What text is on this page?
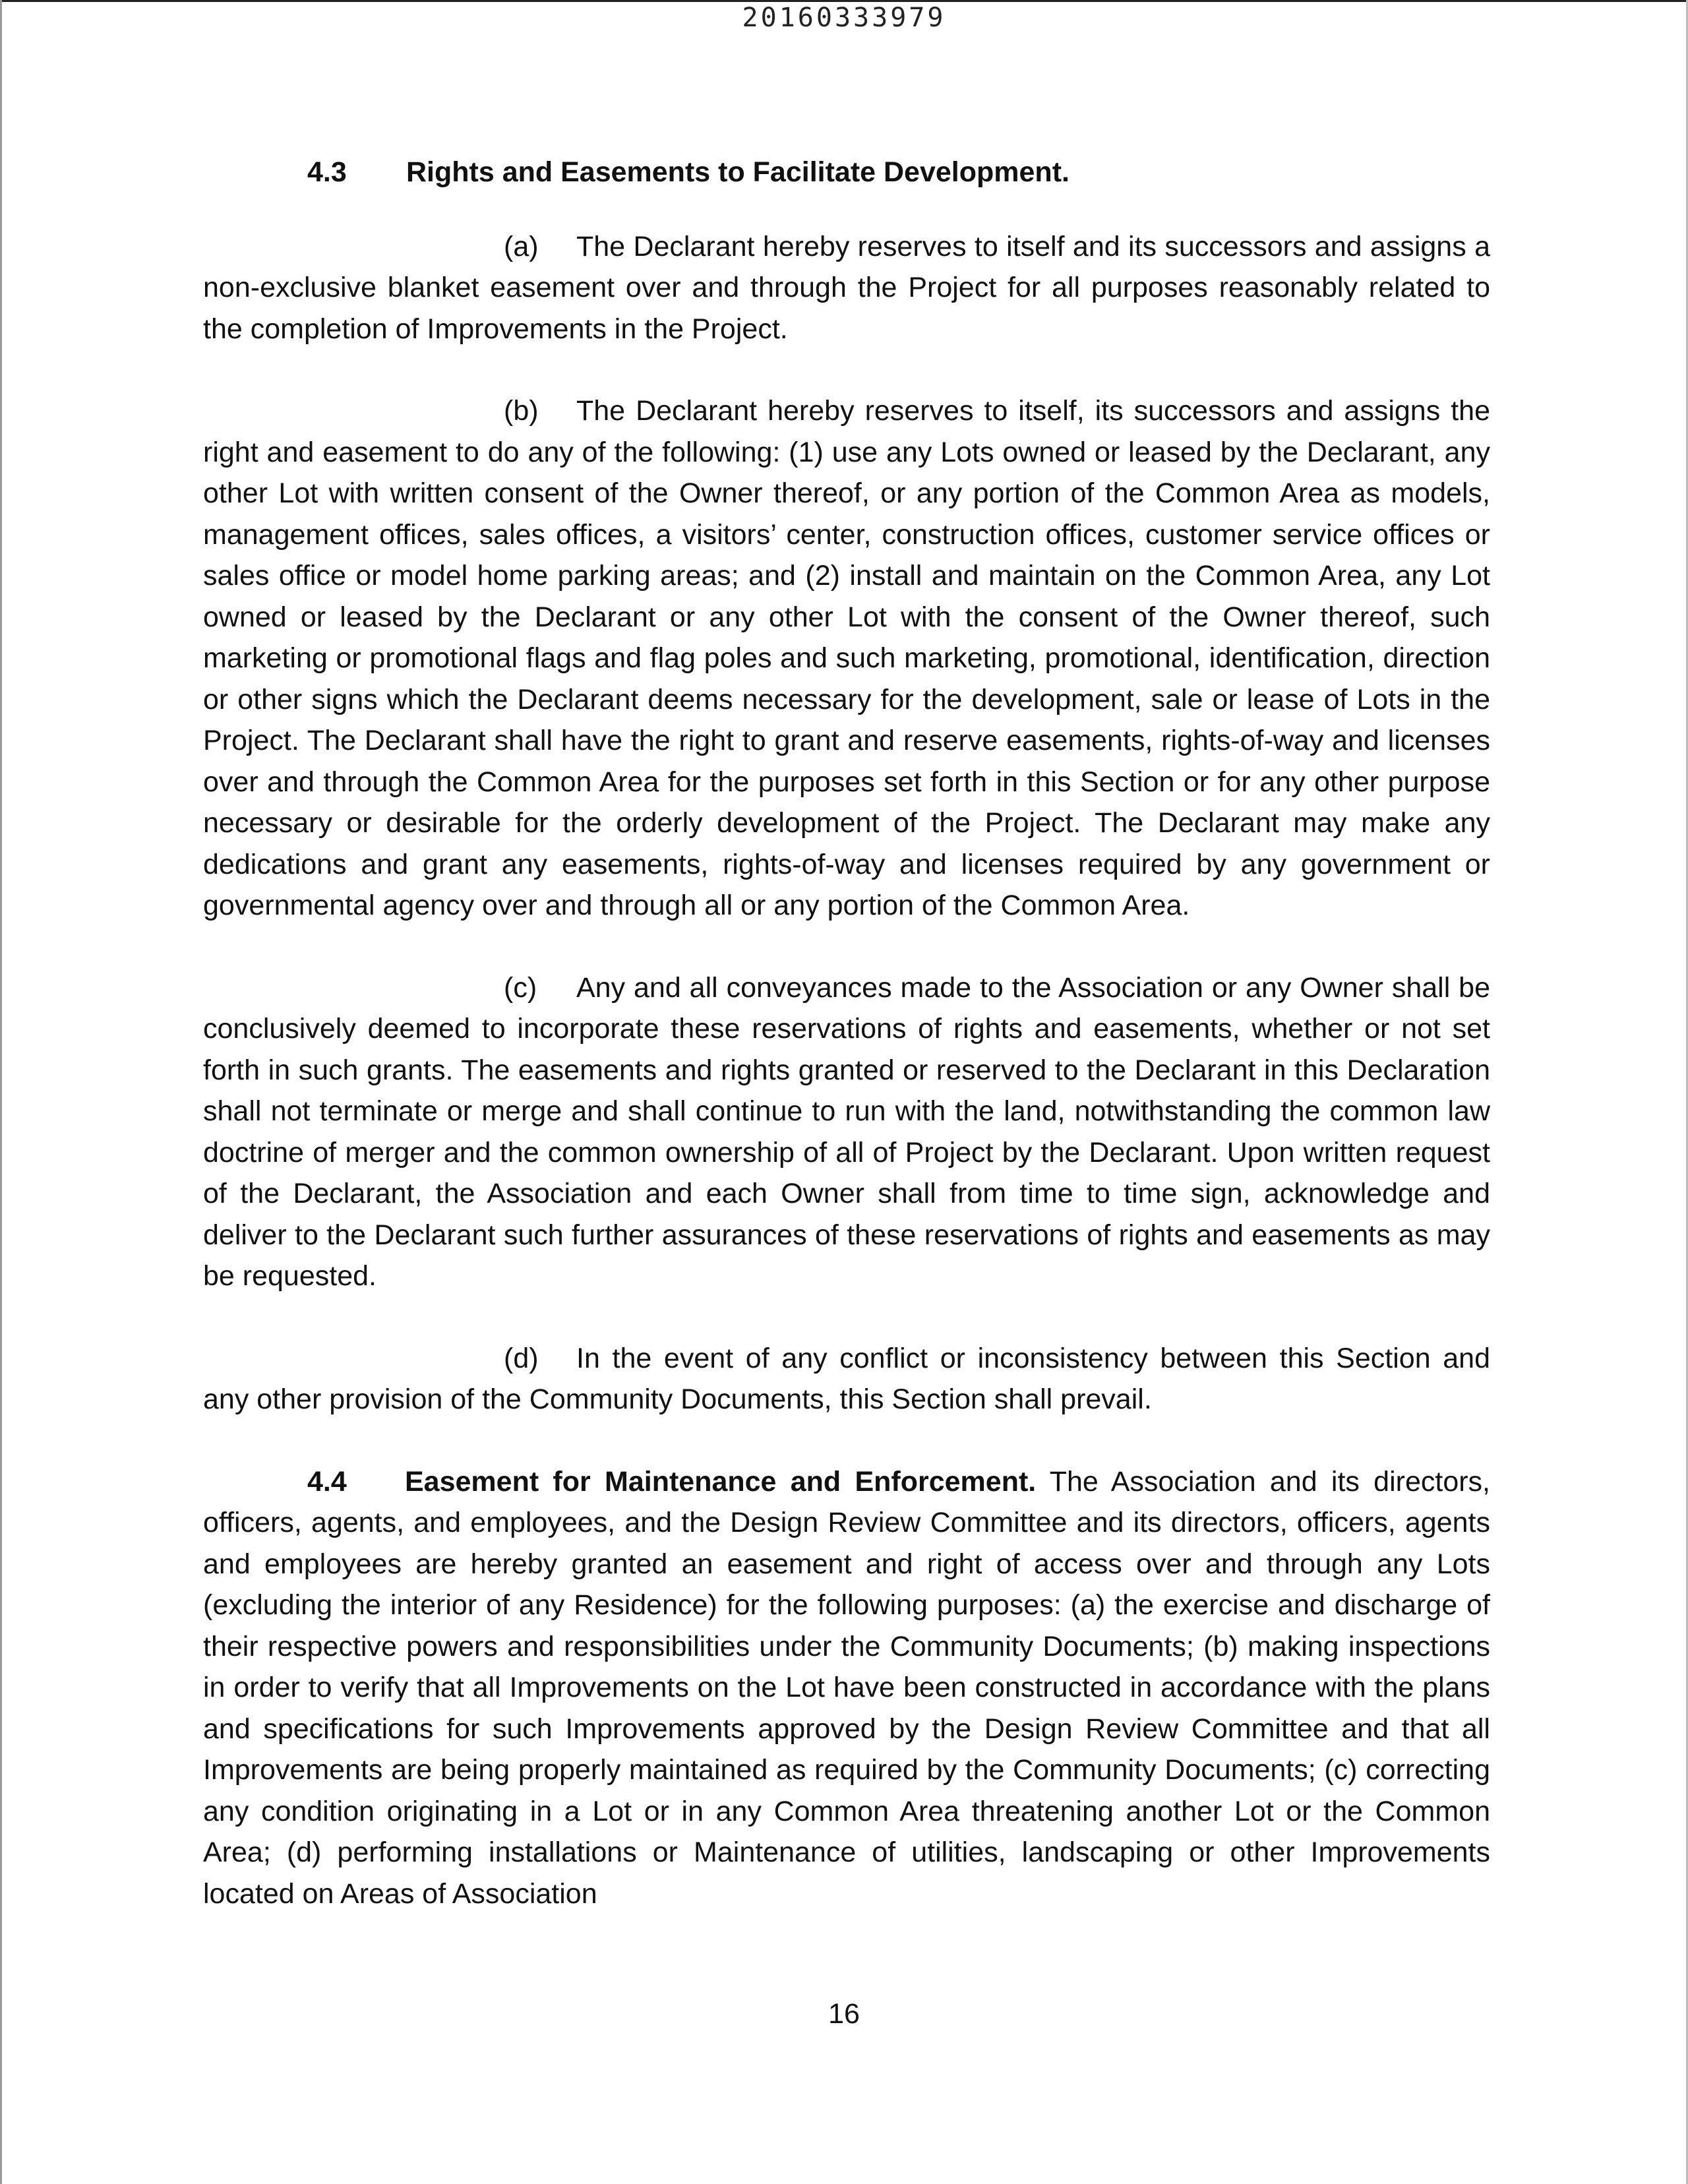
20160333979
4.3 Rights and Easements to Facilitate Development.

(a) The Declarant hereby reserves to itself and its successors and assigns a non-exclusive blanket easement over and through the Project for all purposes reasonably related to the completion of Improvements in the Project.

(b) The Declarant hereby reserves to itself, its successors and assigns the right and easement to do any of the following: (1) use any Lots owned or leased by the Declarant, any other Lot with written consent of the Owner thereof, or any portion of the Common Area as models, management offices, sales offices, a visitors’ center, construction offices, customer service offices or sales office or model home parking areas; and (2) install and maintain on the Common Area, any Lot owned or leased by the Declarant or any other Lot with the consent of the Owner thereof, such marketing or promotional flags and flag poles and such marketing, promotional, identification, direction or other signs which the Declarant deems necessary for the development, sale or lease of Lots in the Project. The Declarant shall have the right to grant and reserve easements, rights-of-way and licenses over and through the Common Area for the purposes set forth in this Section or for any other purpose necessary or desirable for the orderly development of the Project. The Declarant may make any dedications and grant any easements, rights-of-way and licenses required by any government or governmental agency over and through all or any portion of the Common Area.

(c) Any and all conveyances made to the Association or any Owner shall be conclusively deemed to incorporate these reservations of rights and easements, whether or not set forth in such grants. The easements and rights granted or reserved to the Declarant in this Declaration shall not terminate or merge and shall continue to run with the land, notwithstanding the common law doctrine of merger and the common ownership of all of Project by the Declarant. Upon written request of the Declarant, the Association and each Owner shall from time to time sign, acknowledge and deliver to the Declarant such further assurances of these reservations of rights and easements as may be requested.

(d) In the event of any conflict or inconsistency between this Section and any other provision of the Community Documents, this Section shall prevail.

4.4 Easement for Maintenance and Enforcement. The Association and its directors, officers, agents, and employees, and the Design Review Committee and its directors, officers, agents and employees are hereby granted an easement and right of access over and through any Lots (excluding the interior of any Residence) for the following purposes: (a) the exercise and discharge of their respective powers and responsibilities under the Community Documents; (b) making inspections in order to verify that all Improvements on the Lot have been constructed in accordance with the plans and specifications for such Improvements approved by the Design Review Committee and that all Improvements are being properly maintained as required by the Community Documents; (c) correcting any condition originating in a Lot or in any Common Area threatening another Lot or the Common Area; (d) performing installations or Maintenance of utilities, landscaping or other Improvements located on Areas of Association

16
